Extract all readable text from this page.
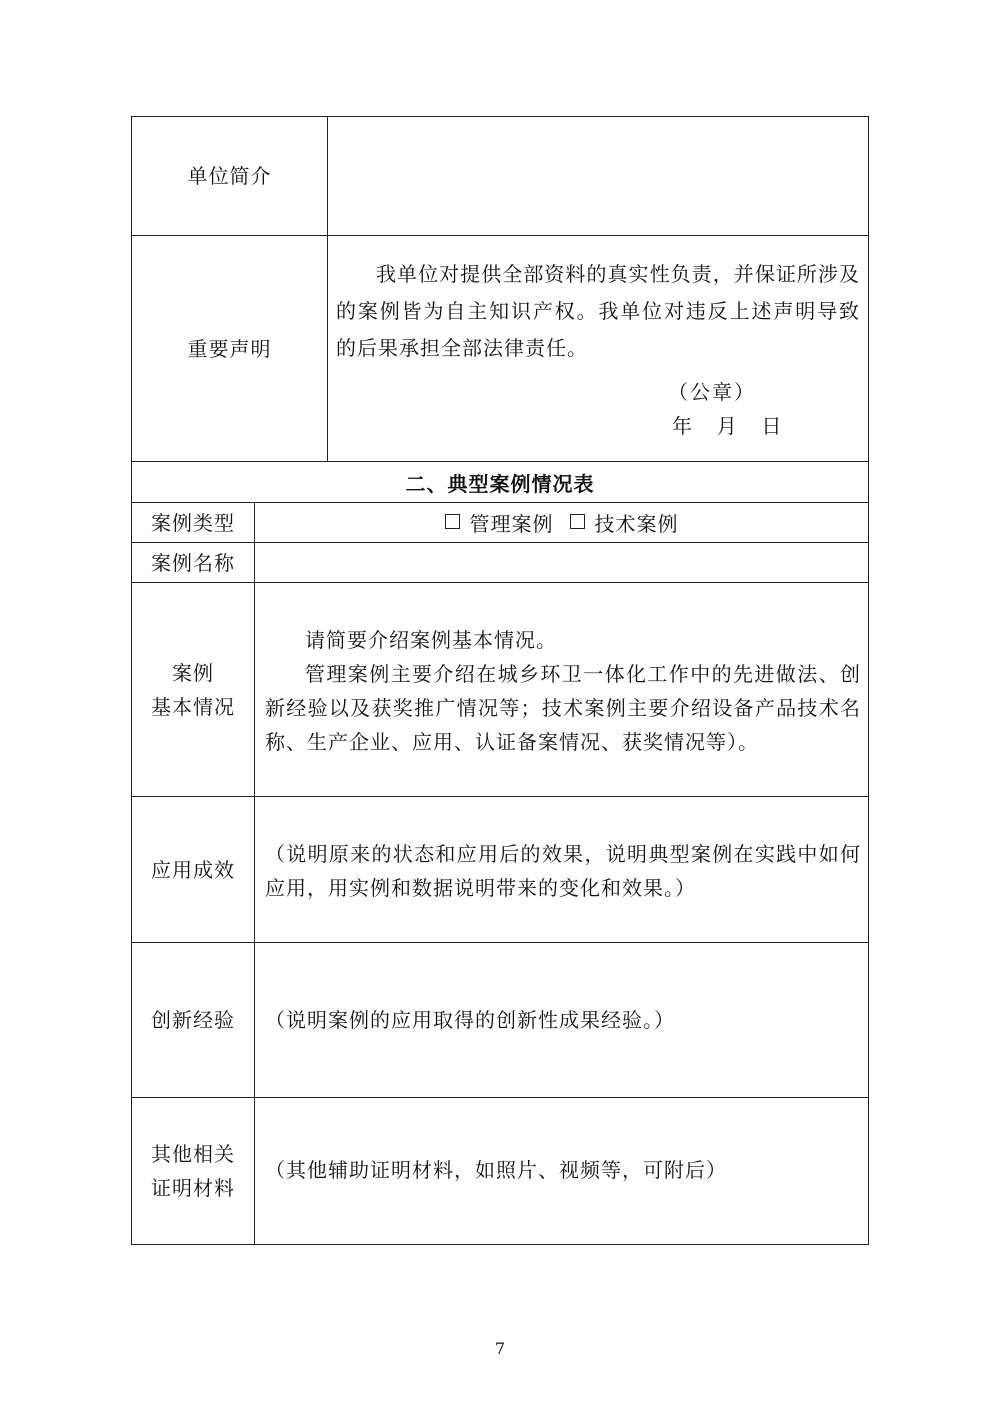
单位简介
重要声明

我单位对提供全部资料的真实性负责，并保证所涉及的案例皆为自主知识产权。我单位对违反上述声明导致的后果承担全部法律责任。

（公章）
年  月  日
二、典型案例情况表
案例类型	管理案例 技术案例
案例名称
案例
基本情况

请简要介绍案例基本情况。

管理案例主要介绍在城乡环卫一体化工作中的先进做法、创新经验以及获奖推广情况等；技术案例主要介绍设备产品技术名称、生产企业、应用、认证备案情况、获奖情况等）。

应用成效

（说明原来的状态和应用后的效果，说明典型案例在实践中如何应用，用实例和数据说明带来的变化和效果。）

创新经验 （说明案例的应用取得的创新性成果经验。）

其他相关
证明材料

（其他辅助证明材料，如照片、视频等，可附后）

7
